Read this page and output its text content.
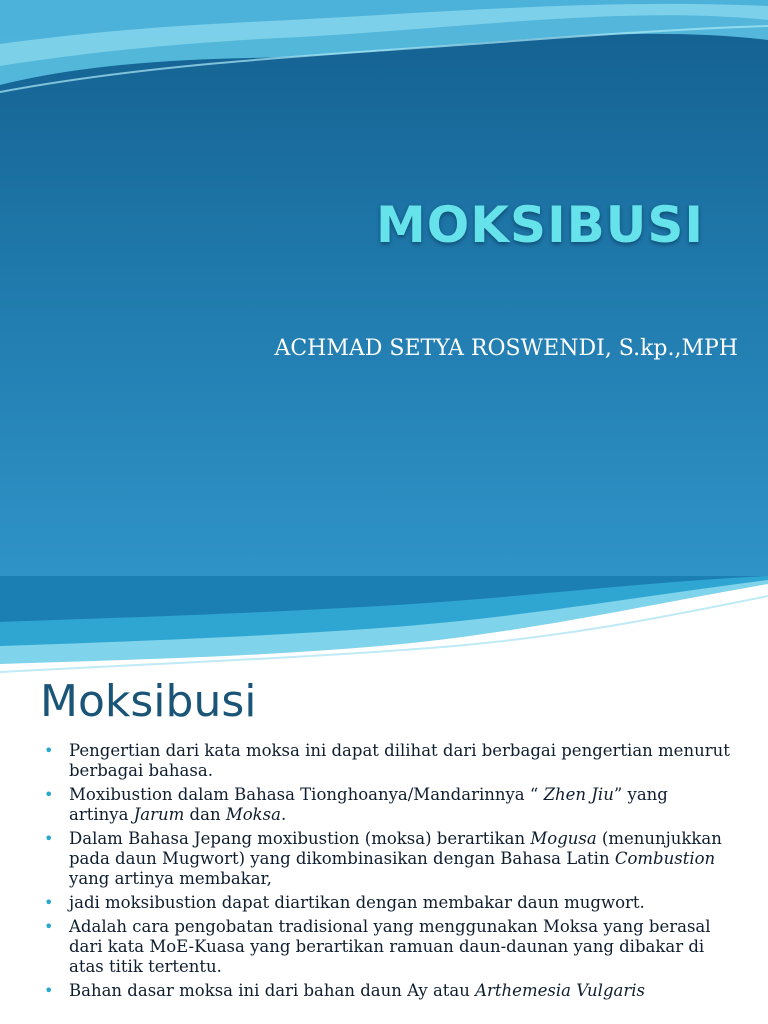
MOKSIBUSI

ACHMAD SETYA ROSWENDI, S.kp.,MPH

Moksibusi
• Pengertian dari kata moksa ini dapat dilihat dari berbagai pengertian menurut berbagai bahasa.
• Moxibustion dalam Bahasa Tionghoanya/Mandarinnya “ Zhen Jiu” yang artinya Jarum dan Moksa.
• Dalam Bahasa Jepang moxibustion (moksa) berartikan Mogusa (menunjukkan pada daun Mugwort) yang dikombinasikan dengan Bahasa Latin Combustion yang artinya membakar,
• jadi moksibustion dapat diartikan dengan membakar daun mugwort.
• Adalah cara pengobatan tradisional yang menggunakan Moksa yang berasal dari kata MoE-Kuasa yang berartikan ramuan daun-daunan yang dibakar di atas titik tertentu.
• Bahan dasar moksa ini dari bahan daun Ay atau Arthemesia Vulgaris
